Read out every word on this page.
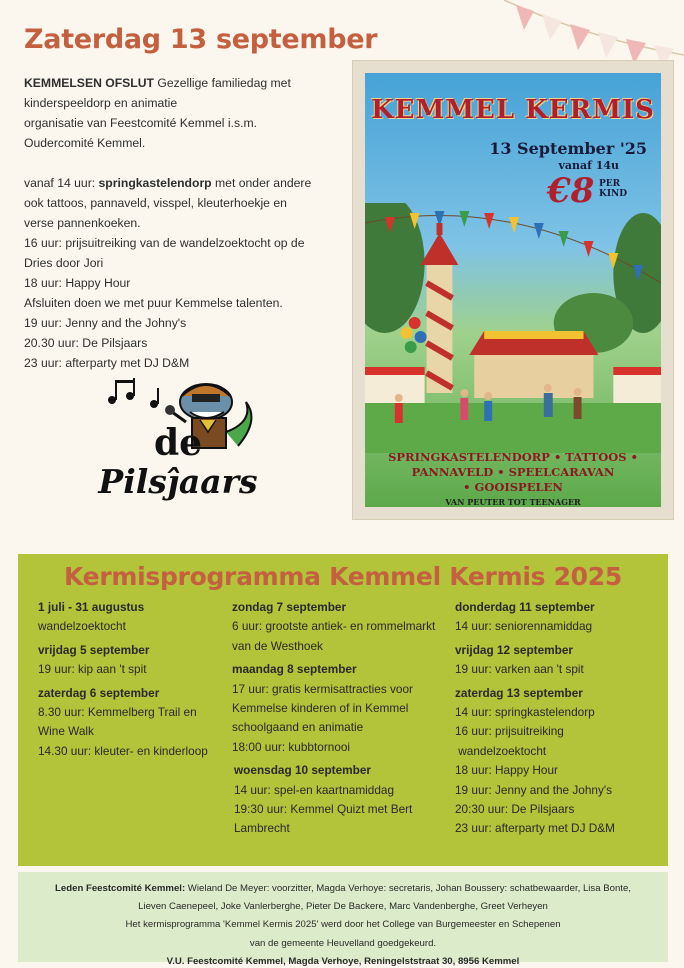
Zaterdag 13 september
KEMMELSEN OFSLUT Gezellige familiedag met
kinderspeeldorp en animatie
organisatie van Feestcomité Kemmel i.s.m.
Oudercomité Kemmel.
vanaf 14 uur: springkastelendorp met onder andere
ook tattoos, pannaveld, visspel, kleuterhoekje en
verse pannenkoeken.
16 uur: prijsuitreiking van de wandelzoektocht op de
Dries door Jori
18 uur: Happy Hour
Afsluiten doen we met puur Kemmelse talenten.
19 uur: Jenny and the Johny's
20.30 uur: De Pilsjaars
23 uur: afterparty met DJ D&M
KEMMEL KERMIS
13 September '25
vanaf 14u
€8 PER KIND
SPRINGKASTELENDORP • TATTOOS •
PANNAVELD • SPEELCARAVAN
• GOOISPELEN
VAN PEUTER TOT TEENAGER
de
Pilsĵaars
Kermisprogramma Kemmel Kermis 2025
1 juli - 31 augustus
wandelzoektocht
vrijdag 5 september
19 uur: kip aan 't spit
zaterdag 6 september
8.30 uur: Kemmelberg Trail en
Wine Walk
14.30 uur: kleuter- en kinderloop
zondag 7 september
6 uur: grootste antiek- en rommelmarkt
van de Westhoek
maandag 8 september
17 uur: gratis kermisattracties voor
Kemmelse kinderen of in Kemmel
schoolgaand en animatie
18:00 uur: kubbtornooi
woensdag 10 september
14 uur: spel-en kaartnamiddag
19:30 uur: Kemmel Quizt met Bert
Lambrecht
donderdag 11 september
14 uur: seniorennamiddag
vrijdag 12 september
19 uur: varken aan 't spit
zaterdag 13 september
14 uur: springkastelendorp
16 uur: prijsuitreiking
wandelzoektocht
18 uur: Happy Hour
19 uur: Jenny and the Johny's
20:30 uur: De Pilsjaars
23 uur: afterparty met DJ D&M
Leden Feestcomité Kemmel: Wieland De Meyer: voorzitter, Magda Verhoye: secretaris, Johan Boussery: schatbewaarder, Lisa Bonte,
Lieven Caenepeel, Joke Vanlerberghe, Pieter De Backere, Marc Vandenberghe, Greet Verheyen
Het kermisprogramma 'Kemmel Kermis 2025' werd door het College van Burgemeester en Schepenen
van de gemeente Heuvelland goedgekeurd.
V.U. Feestcomité Kemmel, Magda Verhoye, Reningelststraat 30, 8956 Kemmel
